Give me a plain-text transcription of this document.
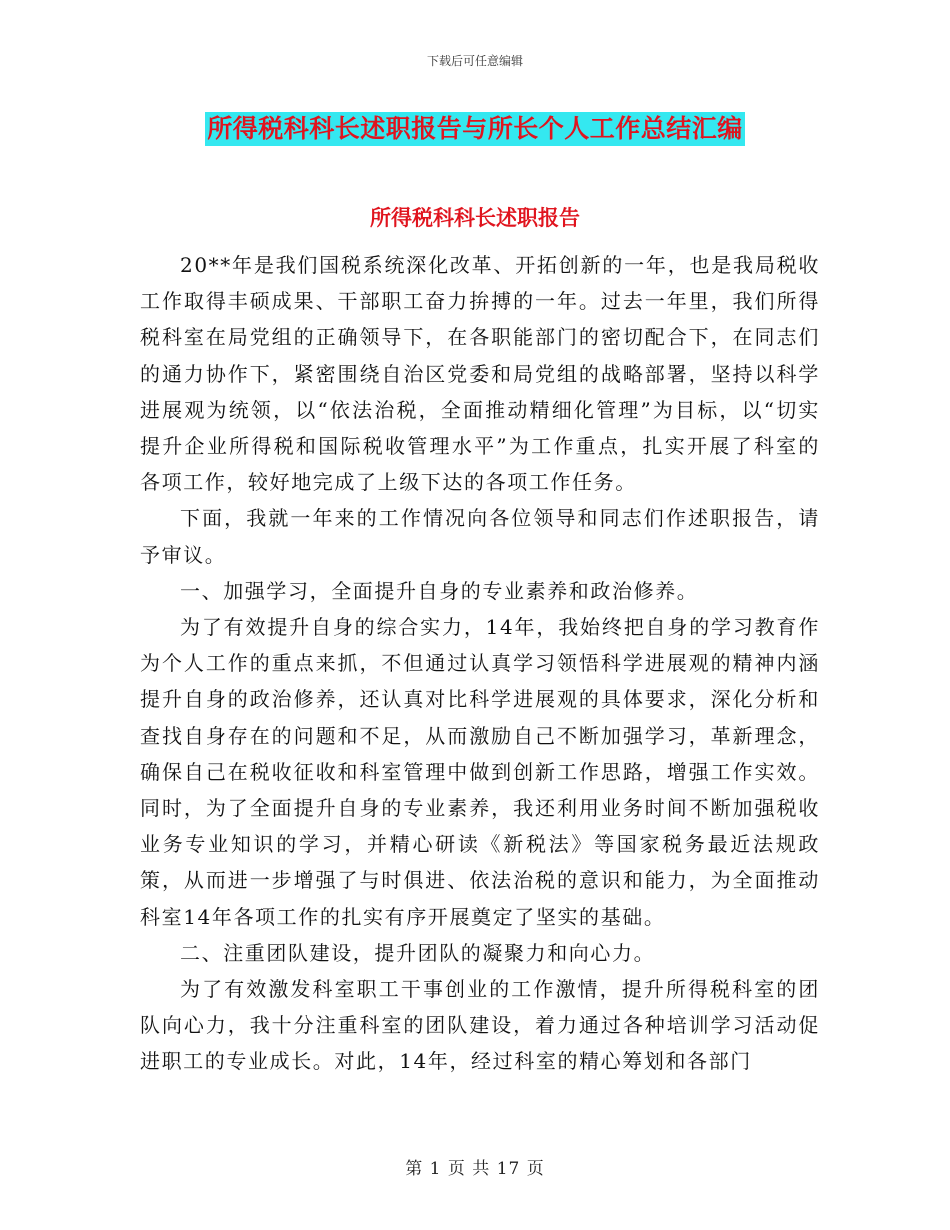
下载后可任意编辑
所得税科科长述职报告与所长个人工作总结汇编
所得税科科长述职报告

20**年是我们国税系统深化改革、开拓创新的一年，也是我局税收工作取得丰硕成果、干部职工奋力拚搏的一年。过去一年里，我们所得税科室在局党组的正确领导下，在各职能部门的密切配合下，在同志们的通力协作下，紧密围绕自治区党委和局党组的战略部署，坚持以科学进展观为统领，以“依法治税，全面推动精细化管理”为目标，以“切实提升企业所得税和国际税收管理水平”为工作重点，扎实开展了科室的各项工作，较好地完成了上级下达的各项工作任务。

下面，我就一年来的工作情况向各位领导和同志们作述职报告，请予审议。

一、加强学习，全面提升自身的专业素养和政治修养。

为了有效提升自身的综合实力，14年，我始终把自身的学习教育作为个人工作的重点来抓，不但通过认真学习领悟科学进展观的精神内涵提升自身的政治修养，还认真对比科学进展观的具体要求，深化分析和查找自身存在的问题和不足，从而激励自己不断加强学习，革新理念，确保自己在税收征收和科室管理中做到创新工作思路，增强工作实效。同时，为了全面提升自身的专业素养，我还利用业务时间不断加强税收业务专业知识的学习，并精心研读《新税法》等国家税务最近法规政策，从而进一步增强了与时俱进、依法治税的意识和能力，为全面推动科室14年各项工作的扎实有序开展奠定了坚实的基础。

二、注重团队建设，提升团队的凝聚力和向心力。

为了有效激发科室职工干事创业的工作激情，提升所得税科室的团队向心力，我十分注重科室的团队建设，着力通过各种培训学习活动促进职工的专业成长。对此，14年，经过科室的精心筹划和各部门

第 1 页 共 17 页
